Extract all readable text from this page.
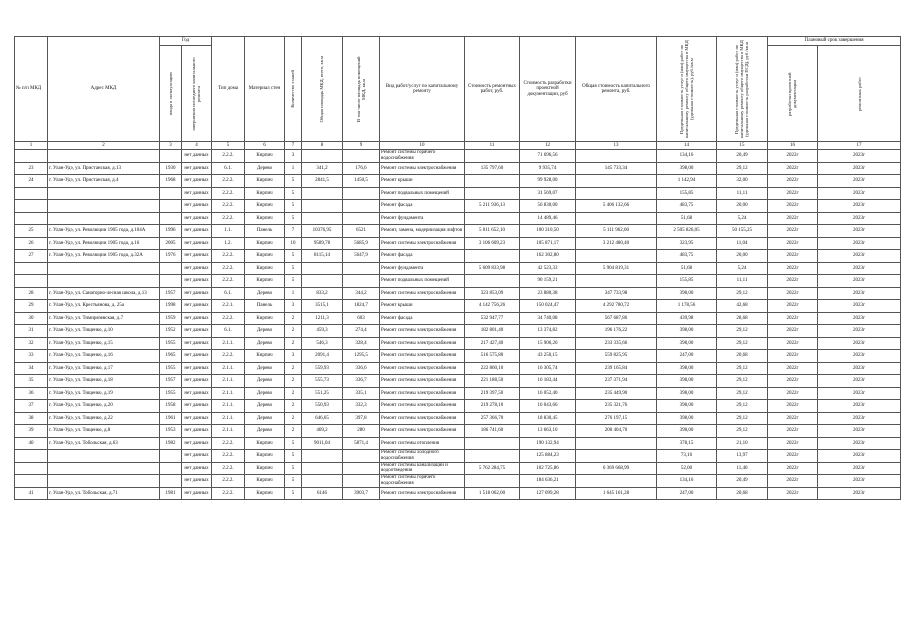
№ п/п МКД	Адрес МКД	Год		Тип дома	Материал стен	Количество этажей	Общая площадь МКД, всего, кв.м	В том числе площадь помещений МКД, кв.м	Вид работ/услуг по капитальному ремонту	Стоимость ремонтных работ, руб.	Стоимость разработки проектной документации, руб	Общая стоимость капитального ремонта, руб.	Предельная стоимость услуг и (или) работ по капитальному ремонту общего имущества в МКД (удельная стоимость), руб./кв.м	Предельная стоимость услуг и (или) работ по капитальному ремонту общего имущества в МКД (удельная стоимость разработки ПСД), руб./кв.м	Плановый срок завершения	

		ввода в эксплуатацию	завершения последнего капитального ремонта												разработки проектной документации	ремонтных работ

1	2	3	4	5	6	7	8	9	10	11	12	13	14	15	16	17
			нет данных	2.2.2.	Кирпич	3			Ремонт системы горячего водоснабжения		71 696,56		134,16	20,49	2022г	2023г
23	г. Улан-Удэ, ул. Пристанская, д.13	1930	нет данных	6.1.	Дерево	1	341,2	176,6	Ремонт системы электроснабжения	135 797,60	9 935,74	145 733,34	398,00	29,12	2022г	2023г
24	г. Улан-Удэ, ул. Пристанская, д.4	1968	нет данных	2.2.2.	Кирпич	5	2841,5	1450,5	Ремонт крыши		99 928,00		1 142,94	32,00	2022г	2023г
			нет данных	2.2.2.	Кирпич	5			Ремонт подвальных помещений		31 569,07		155,85	11,11	2022г	2023г
			нет данных	2.2.2.	Кирпич	5			Ремонт фасада	5 211 936,13	56 830,00	5 406 132,66	483,75	20,00	2022г	2023г
			нет данных	2.2.2.	Кирпич	5			Ремонт фундамента		14 489,46		51,68	5,24	2022г	2023г
25	г. Улан-Удэ, ул. Революции 1905 года, д.104А	1996	нет данных	1.1.	Панель	7	10376,95	6521	Ремонт, замена, модернизация лифтов	5 011 652,10	100 310,50	5 111 962,60	2 505 826,05	50 155,25	2022г	2023г
26	г. Улан-Удэ, ул. Революции 1905 года, д.16	2005	нет данных	1.2.	Кирпич	10	9589,78	5685,9	Ремонт системы электроснабжения	3 106 609,23	105 871,17	3 212 480,40	323,95	11,04	2022г	2023г
27	г. Улан-Удэ, ул. Революции 1905 года, д.32А	1976	нет данных	2.2.2.	Кирпич	5	8115,14	5647,9	Ремонт фасада		162 302,80		483,75	20,00	2022г	2023г
			нет данных	2.2.2.	Кирпич	5			Ремонт фундамента	5 609 833,98	42 523,33	5 904 819,31	51,68	5,24	2022г	2023г
			нет данных	2.2.2.	Кирпич	5			Ремонт подвальных помещений		90 159,21		155,85	11,11	2022г	2023г
28	г. Улан-Удэ, ул. Санаторно-лесная школа, д.13	1957	нет данных	6.1.	Дерево	1	833,2	344,2	Ремонт системы электроснабжения	323 853,09	23 880,38	347 733,98	398,00	29,12	2022г	2023г
29	г. Улан-Удэ, ул. Крестьянова, д. 25а	1998	нет данных	2.2.1.	Панель	3	3515,1	1824,7	Ремонт крыши	4 142 756,26	150 024,47	4 292 780,72	1 178,56	42,68	2022г	2023г
30	г. Улан-Удэ, ул. Тимирязевская, д.7	1959	нет данных	2.2.2.	Кирпич	2	1211,3	603	Ремонт фасада	532 947,77	34 740,08	567 687,86	439,98	28,68	2022г	2023г
31	г. Улан-Удэ, ул. Тищенко, д.10	1952	нет данных	6.1.	Дерево	2	459,3	274,4	Ремонт системы электроснабжения	182 801,40	13 374,82	196 176,22	398,00	29,12	2022г	2023г
32	г. Улан-Удэ, ул. Тищенко, д.15	1955	нет данных	2.1.1.	Дерево	2	546,3	328,4	Ремонт системы электроснабжения	217 427,40	15 906,26	233 335,66	398,00	29,12	2022г	2023г
33	г. Улан-Удэ, ул. Тищенко, д.16	1965	нет данных	2.2.2.	Кирпич	3	2091,4	1295,5	Ремонт системы электроснабжения	516 575,80	43 250,15	559 825,95	247,00	20,68	2022г	2023г
34	г. Улан-Удэ, ул. Тищенко, д.17	1955	нет данных	2.1.1.	Дерево	2	559,93	336,6	Ремонт системы электроснабжения	222 860,10	16 305,74	239 165,84	398,00	29,12	2022г	2023г
35	г. Улан-Удэ, ул. Тищенко, д.18	1957	нет данных	2.1.1.	Дерево	2	555,73	336,7	Ремонт системы электроснабжения	221 188,50	16 183,44	237 371,94	398,00	29,12	2022г	2023г
36	г. Улан-Удэ, ул. Тищенко, д.19	1955	нет данных	2.1.1.	Дерево	2	551,25	335,1	Ремонт системы электроснабжения	219 397,50	16 052,40	235 449,90	398,00	29,12	2022г	2023г
37	г. Улан-Удэ, ул. Тищенко, д.20	1958	нет данных	2.1.1.	Дерево	2	550,93	332,3	Ремонт системы электроснабжения	219 278,10	16 043,66	235 321,76	398,00	29,12	2022г	2023г
38	г. Улан-Удэ, ул. Тищенко, д.22	1961	нет данных	2.1.1.	Дерево	2	646,65	397,8	Ремонт системы электроснабжения	257 366,70	18 830,45	276 197,15	398,00	29,12	2022г	2023г
39	г. Улан-Удэ, ул. Тищенко, д.8	1953	нет данных	2.1.1.	Дерево	2	469,2	280	Ремонт системы электроснабжения	186 741,60	13 663,10	200 404,70	398,00	29,12	2022г	2023г
40	г. Улан-Удэ, ул. Тобольская, д.63	1982	нет данных	2.2.2.	Кирпич	5	9011,04	5871,4	Ремонт системы отопления		190 132,94		378,15	21,10	2022г	2023г
			нет данных	2.2.2.	Кирпич	5			Ремонт системы холодного водоснабжения		125 884,23		73,16	13,97	2022г	2023г
			нет данных	2.2.2.	Кирпич	5			Ремонт системы канализации и водоотведения	5 762 284,75	102 725,86	6 369 668,99	52,00	11,40	2022г	2023г
			нет данных	2.2.2.	Кирпич	5			Ремонт системы горячего водоснабжения		184 636,21		134,16	20,49	2022г	2023г
41	г. Улан-Удэ, ул. Тобольская, д.71	1981	нет данных	2.2.2.	Кирпич	5	6146	3903,7	Ремонт системы электроснабжения	1 518 062,00	127 099,28	1 645 161,28	247,00	20,68	2022г	2023г
